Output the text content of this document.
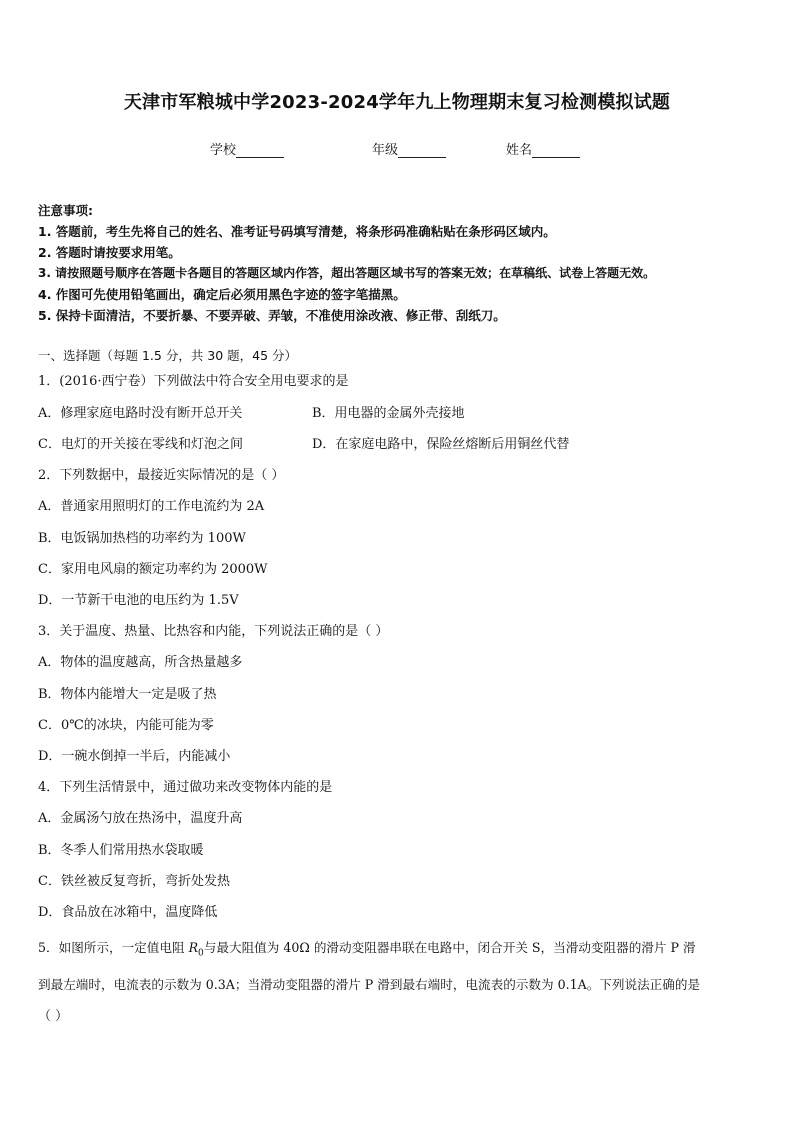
天津市军粮城中学2023-2024学年九上物理期末复习检测模拟试题
学校	年级	姓名
注意事项:
1. 答题前，考生先将自己的姓名、准考证号码填写清楚，将条形码准确粘贴在条形码区域内。
2. 答题时请按要求用笔。
3. 请按照题号顺序在答题卡各题目的答题区域内作答，超出答题区域书写的答案无效；在草稿纸、试卷上答题无效。
4. 作图可先使用铅笔画出，确定后必须用黑色字迹的签字笔描黑。
5. 保持卡面清洁，不要折暴、不要弄破、弄皱，不准使用涂改液、修正带、刮纸刀。
一、选择题（每题 1.5 分，共 30 题，45 分）
1．(2016·西宁卷）下列做法中符合安全用电要求的是
A．修理家庭电路时没有断开总开关	B．用电器的金属外壳接地
C．电灯的开关接在零线和灯泡之间	D．在家庭电路中，保险丝熔断后用铜丝代替
2．下列数据中，最接近实际情况的是（ ）
A．普通家用照明灯的工作电流约为 2A
B．电饭锅加热档的功率约为 100W
C．家用电风扇的额定功率约为 2000W
D．一节新干电池的电压约为 1.5V
3．关于温度、热量、比热容和内能，下列说法正确的是（ ）
A．物体的温度越高，所含热量越多
B．物体内能增大一定是吸了热
C．0℃的冰块，内能可能为零
D．一碗水倒掉一半后，内能减小
4．下列生活情景中，通过做功来改变物体内能的是
A．金属汤勺放在热汤中，温度升高
B．冬季人们常用热水袋取暖
C．铁丝被反复弯折，弯折处发热
D．食品放在冰箱中，温度降低
5．如图所示，一定值电阻 $R_0$与最大阻值为 40Ω 的滑动变阻器串联在电路中，闭合开关 S，当滑动变阻器的滑片 P 滑
到最左端时，电流表的示数为 0.3A；当滑动变阻器的滑片 P 滑到最右端时，电流表的示数为 0.1A。下列说法正确的是
（ ）
